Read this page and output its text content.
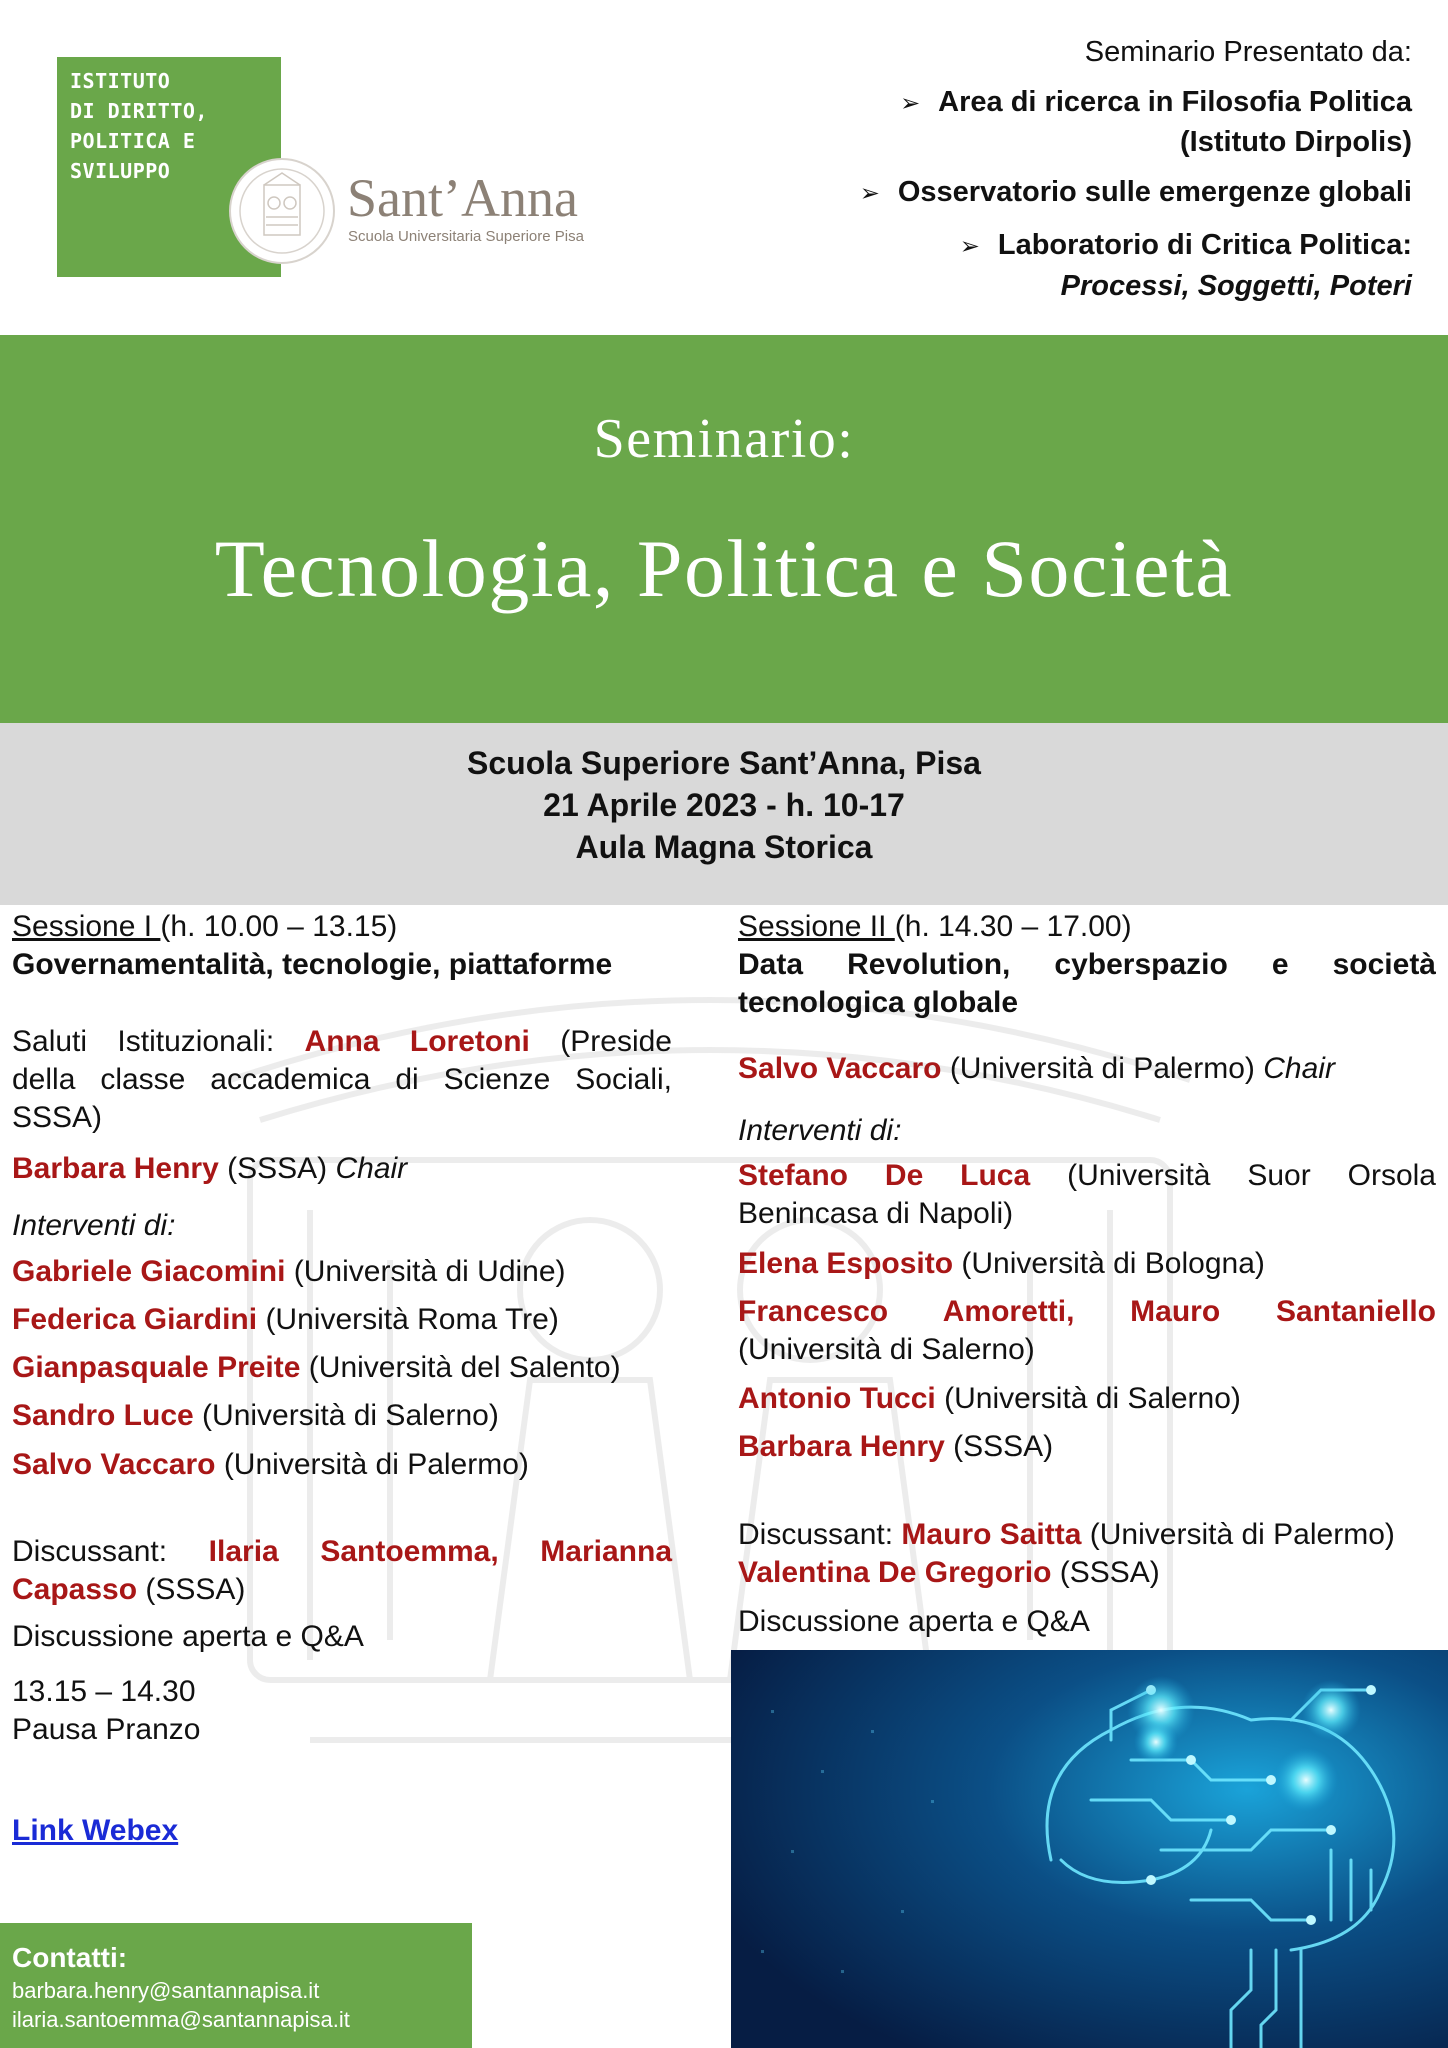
ISTITUTO
DI DIRITTO,
POLITICA E
SVILUPPO	Sant’Anna
Scuola Universitaria Superiore Pisa
Seminario Presentato da:
➢ Area di ricerca in Filosofia Politica
(Istituto Dirpolis)
➢ Osservatorio sulle emergenze globali
➢ Laboratorio di Critica Politica:
Processi, Soggetti, Poteri
Seminario:
Tecnologia, Politica e Società
Scuola Superiore Sant’Anna, Pisa
21 Aprile 2023 - h. 10-17
Aula Magna Storica
Sessione I (h. 10.00 – 13.15)
Governamentalità, tecnologie, piattaforme
Saluti Istituzionali: Anna Loretoni (Preside
della classe accademica di Scienze Sociali,
SSSA)
Barbara Henry (SSSA) Chair
Interventi di:
Gabriele Giacomini (Università di Udine)
Federica Giardini (Università Roma Tre)
Gianpasquale Preite (Università del Salento)
Sandro Luce (Università di Salerno)
Salvo Vaccaro (Università di Palermo)
Discussant: Ilaria Santoemma, Marianna
Capasso (SSSA)
Discussione aperta e Q&A
13.15 – 14.30
Pausa Pranzo
Link Webex
Sessione II (h. 14.30 – 17.00)
Data Revolution, cyberspazio e società
tecnologica globale
Salvo Vaccaro (Università di Palermo) Chair
Interventi di:
Stefano De Luca (Università Suor Orsola
Benincasa di Napoli)
Elena Esposito (Università di Bologna)
Francesco Amoretti, Mauro Santaniello
(Università di Salerno)
Antonio Tucci (Università di Salerno)
Barbara Henry (SSSA)
Discussant: Mauro Saitta (Università di Palermo)
Valentina De Gregorio (SSSA)
Discussione aperta e Q&A
Contatti:
barbara.henry@santannapisa.it
ilaria.santoemma@santannapisa.it
